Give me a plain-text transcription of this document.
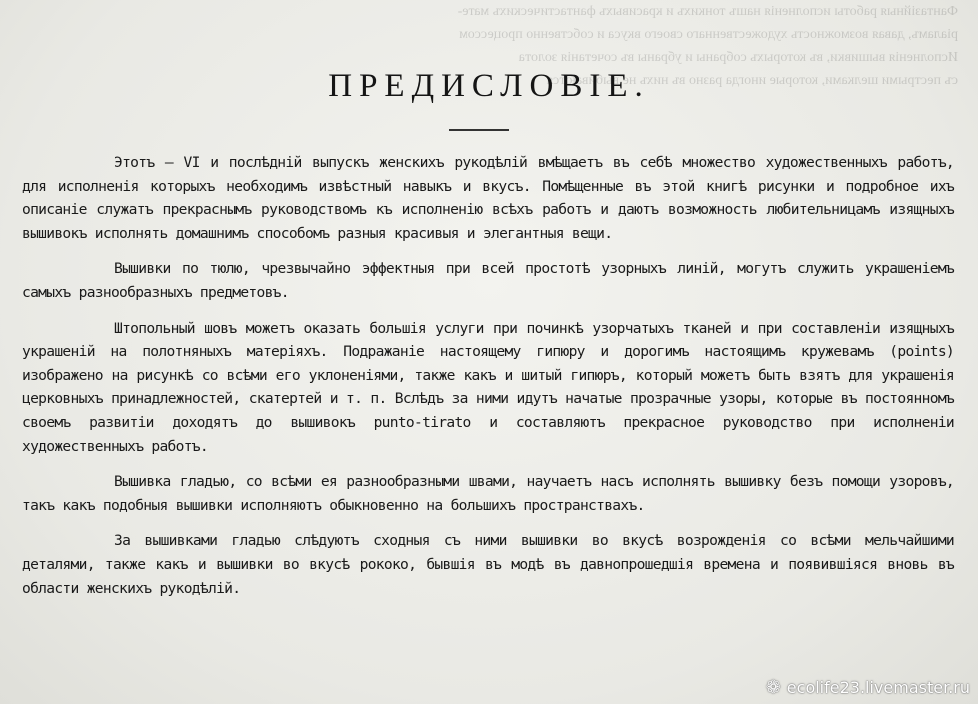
Фантазійныя работы исполненія нашъ тонкихъ и красивыхъ фантастическихъ мате-
ріаламъ, давая возможность художественнаго своего вкуса и собственно процессом
Исполненія вышивки, въ которыхъ собраны и убраны въ сочетанія золота
съ пестрыми шелками, которые иногда разно въ нихъ не выбиваются
ПРЕДИСЛОВІЕ.

Этотъ — VI и послѣдній выпускъ женскихъ рукодѣлій вмѣщаетъ въ себѣ множество художественныхъ работъ, для исполненія которыхъ необходимъ извѣстный навыкъ и вкусъ. Помѣщенные въ этой книгѣ рисунки и подробное ихъ описаніе служатъ прекраснымъ руководствомъ къ исполненію всѣхъ работъ и даютъ возможность любительницамъ изящныхъ вышивокъ исполнять домашнимъ способомъ разныя красивыя и элегантныя вещи.

Вышивки по тюлю, чрезвычайно эффектныя при всей простотѣ узорныхъ линій, могутъ служить украшеніемъ самыхъ разнообразныхъ предметовъ.

Штопольный шовъ можетъ оказать большія услуги при починкѣ узорчатыхъ тканей и при составленіи изящныхъ украшеній на полотняныхъ матеріяхъ. Подражаніе настоящему гипюру и дорогимъ настоящимъ кружевамъ (points) изображено на рисункѣ со всѣми его уклоненіями, также какъ и шитый гипюръ, который можетъ быть взятъ для украшенія церковныхъ принадлежностей, скатертей и т. п. Вслѣдъ за ними идутъ начатые прозрачные узоры, которые въ постоянномъ своемъ развитіи доходятъ до вышивокъ punto-tirato и составляютъ прекрасное руководство при исполненіи художественныхъ работъ.

Вышивка гладью, со всѣми ея разнообразными швами, научаетъ насъ исполнять вышивку безъ помощи узоровъ, такъ какъ подобныя вышивки исполняютъ обыкновенно на большихъ пространствахъ.

За вышивками гладью слѣдуютъ сходныя съ ними вышивки во вкусѣ возрожденія со всѣми мельчайшими деталями, также какъ и вышивки во вкусѣ рококо, бывшія въ модѣ въ давнопрошедшія времена и появившіяся вновь въ области женскихъ рукодѣлій.

❁ ecolife23.livemaster.ru
